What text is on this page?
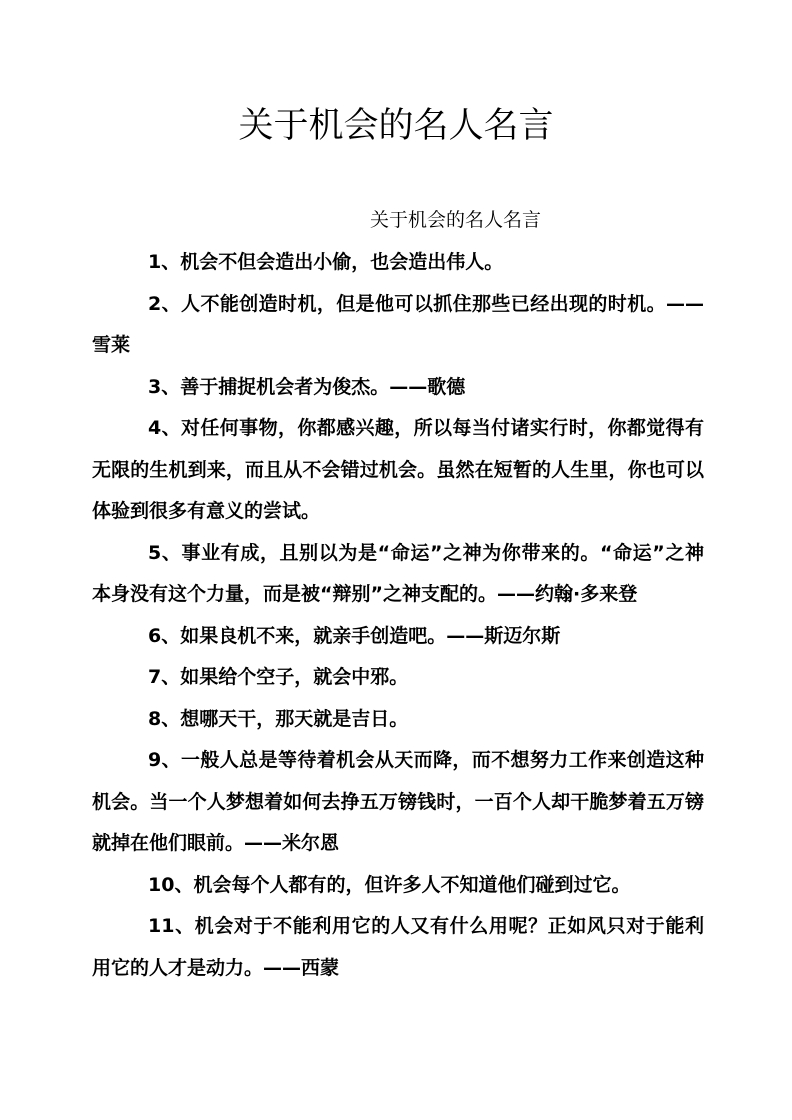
关于机会的名人名言
关于机会的名人名言
1、机会不但会造出小偷，也会造出伟人。
2、人不能创造时机，但是他可以抓住那些已经出现的时机。——雪莱
3、善于捕捉机会者为俊杰。——歌德
4、对任何事物，你都感兴趣，所以每当付诸实行时，你都觉得有无限的生机到来，而且从不会错过机会。虽然在短暂的人生里，你也可以体验到很多有意义的尝试。
5、事业有成，且别以为是“命运”之神为你带来的。“命运”之神本身没有这个力量，而是被“辩别”之神支配的。——约翰·多来登
6、如果良机不来，就亲手创造吧。——斯迈尔斯
7、如果给个空子，就会中邪。
8、想哪天干，那天就是吉日。
9、一般人总是等待着机会从天而降，而不想努力工作来创造这种机会。当一个人梦想着如何去挣五万镑钱时，一百个人却干脆梦着五万镑就掉在他们眼前。——米尔恩
10、机会每个人都有的，但许多人不知道他们碰到过它。
11、机会对于不能利用它的人又有什么用呢？正如风只对于能利用它的人才是动力。——西蒙
